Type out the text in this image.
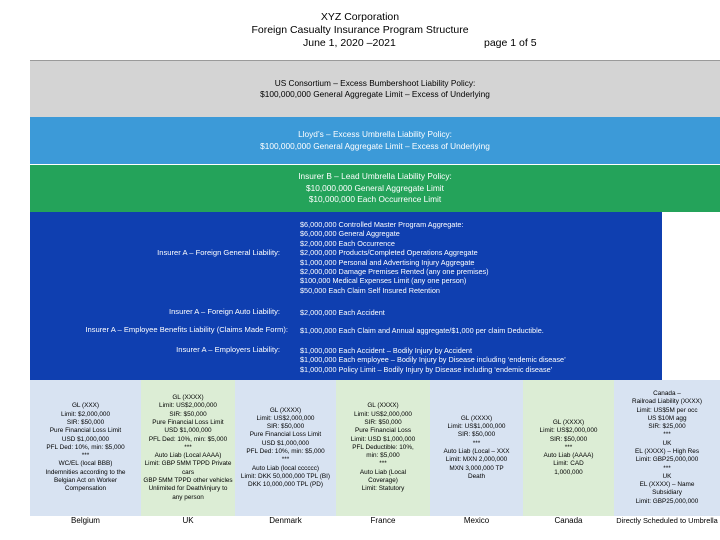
XYZ Corporation
Foreign Casualty Insurance Program Structure
June 1, 2020 –2021	page 1 of 5
US Consortium – Excess Bumbershoot Liability Policy:
$100,000,000 General Aggregate Limit – Excess of Underlying
Lloyd’s – Excess Umbrella Liability Policy:
$100,000,000 General Aggregate Limit – Excess of Underlying
Insurer B – Lead Umbrella Liability Policy:
$10,000,000 General Aggregate Limit
$10,000,000 Each Occurrence Limit
Insurer A – Foreign General Liability:
$6,000,000 Controlled Master Program Aggregate:
$6,000,000 General Aggregate
$2,000,000 Each Occurrence
$2,000,000 Products/Completed Operations Aggregate
$1,000,000 Personal and Advertising Injury Aggregate
$2,000,000 Damage Premises Rented (any one premises)
$100,000 Medical Expenses Limit (any one person)
$50,000 Each Claim Self Insured Retention
Insurer A – Foreign Auto Liability:	$2,000,000 Each Accident
Insurer A – Employee Benefits Liability (Claims Made Form): $1,000,000 Each Claim and Annual aggregate/$1,000 per claim Deductible.
Insurer A – Employers Liability:	$1,000,000 Each Accident – Bodily Injury by Accident
$1,000,000 Each employee – Bodily Injury by Disease including ‘endemic disease’
$1,000,000 Policy Limit – Bodily Injury by Disease including ‘endemic disease’
GL (XXX)
Limit: $2,000,000
SIR: $50,000
Pure Financial Loss Limit
USD $1,000,000
PFL Ded: 10%, min: $5,000
***
WC/EL (local BBB)
Indemnities according to the
Belgian Act on Worker
Compensation
GL (XXXX)
Limit: US$2,000,000
SIR: $50,000
Pure Financial Loss Limit
USD $1,000,000
PFL Ded: 10%, min: $5,000
***
Auto Liab (Local AAAA)
Limit: GBP 5MM TPPD Private
cars
GBP 5MM TPPD other vehicles
Unlimited for Death/injury to
any person
GL (XXXX)
Limit: US$2,000,000
SIR: $50,000
Pure Financial Loss Limit
USD $1,000,000
PFL Ded: 10%, min: $5,000
***
Auto Liab (local cccccc)
Limit: DKK 50,000,000 TPL (BI)
DKK 10,000,000 TPL (PD)
GL (XXXX)
Limit: US$2,000,000
SIR: $50,000
Pure Financial Loss
Limit: USD $1,000,000
PFL Deductible: 10%,
min: $5,000
***
Auto Liab (Local
Coverage)
Limit: Statutory
GL (XXXX)
Limit: US$1,000,000
SIR: $50,000
***
Auto Liab (Local – XXX
Limit: MXN 2,000,000
MXN 3,000,000 TP
Death
GL (XXXX)
Limit: US$2,000,000
SIR: $50,000
***
Auto Liab (AAAA)
Limit: CAD
1,000,000
Canada –
Railroad Liability (XXXX)
Limit: US$5M per occ
US $10M agg
SIR: $25,000
***
UK
EL (XXXX) – High Res
Limit: GBP25,000,000
***
UK
EL (XXXX) – Name
Subsidiary
Limit: GBP25,000,000
Belgium	UK	Denmark	France	Mexico	Canada	Directly Scheduled to Umbrella
